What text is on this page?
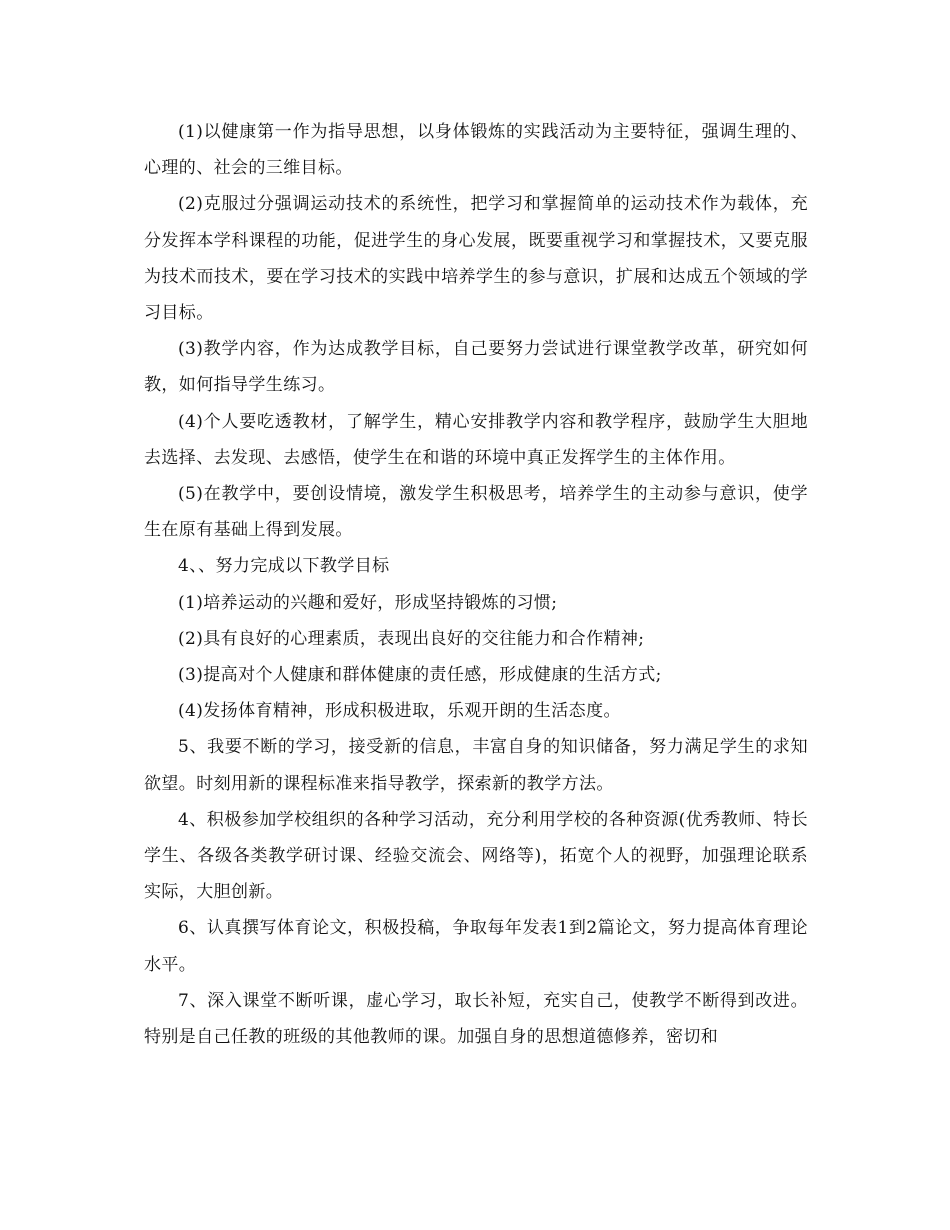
(1)以健康第一作为指导思想，以身体锻炼的实践活动为主要特征，强调生理的、心理的、社会的三维目标。

(2)克服过分强调运动技术的系统性，把学习和掌握简单的运动技术作为载体，充分发挥本学科课程的功能，促进学生的身心发展，既要重视学习和掌握技术，又要克服为技术而技术，要在学习技术的实践中培养学生的参与意识，扩展和达成五个领域的学习目标。

(3)教学内容，作为达成教学目标，自己要努力尝试进行课堂教学改革，研究如何教，如何指导学生练习。

(4)个人要吃透教材，了解学生，精心安排教学内容和教学程序，鼓励学生大胆地去选择、去发现、去感悟，使学生在和谐的环境中真正发挥学生的主体作用。

(5)在教学中，要创设情境，激发学生积极思考，培养学生的主动参与意识，使学生在原有基础上得到发展。

4、、努力完成以下教学目标

(1)培养运动的兴趣和爱好，形成坚持锻炼的习惯;

(2)具有良好的心理素质，表现出良好的交往能力和合作精神;

(3)提高对个人健康和群体健康的责任感，形成健康的生活方式;

(4)发扬体育精神，形成积极进取，乐观开朗的生活态度。

5、我要不断的学习，接受新的信息，丰富自身的知识储备，努力满足学生的求知欲望。时刻用新的课程标准来指导教学，探索新的教学方法。

4、积极参加学校组织的各种学习活动，充分利用学校的各种资源(优秀教师、特长学生、各级各类教学研讨课、经验交流会、网络等)，拓宽个人的视野，加强理论联系实际，大胆创新。

6、认真撰写体育论文，积极投稿，争取每年发表1到2篇论文，努力提高体育理论水平。

7、深入课堂不断听课，虚心学习，取长补短，充实自己，使教学不断得到改进。特别是自己任教的班级的其他教师的课。加强自身的思想道德修养，密切和
